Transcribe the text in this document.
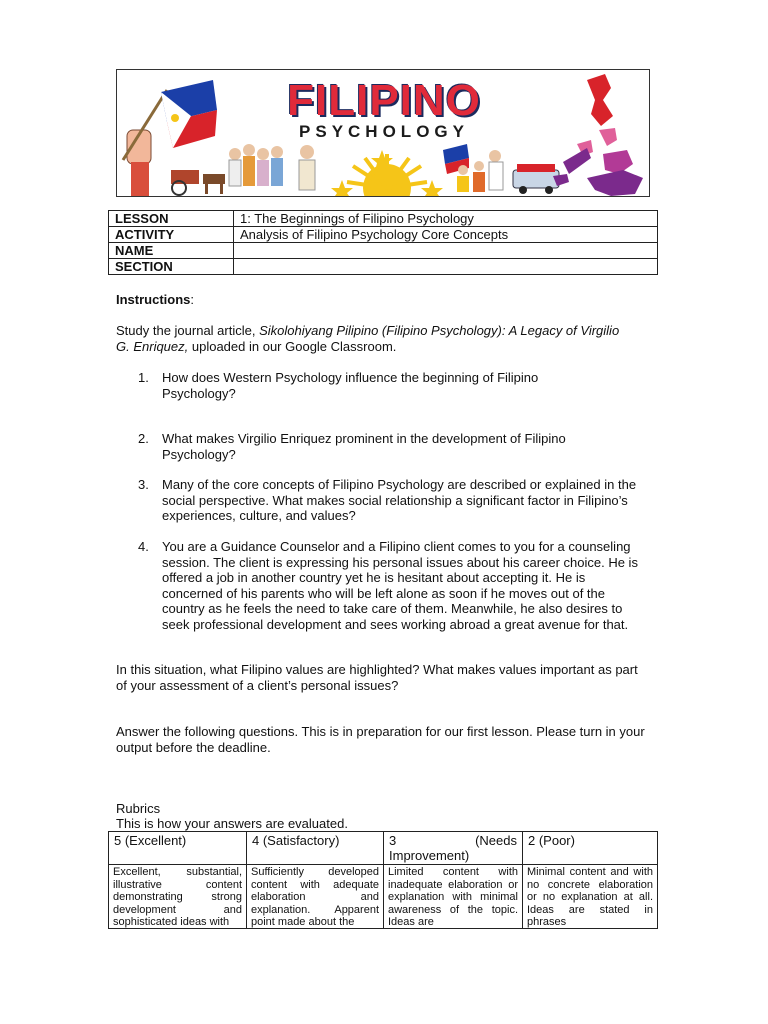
FILIPINO
PSYCHOLOGY
LESSON	1: The Beginnings of Filipino Psychology
ACTIVITY	Analysis of Filipino Psychology Core Concepts
NAME	
SECTION	
Instructions:
Study the journal article, Sikolohiyang Pilipino (Filipino Psychology): A Legacy of Virgilio G. Enriquez, uploaded in our Google Classroom.
1.	How does Western Psychology influence the beginning of Filipino Psychology?
2.	What makes Virgilio Enriquez prominent in the development of Filipino Psychology?
3.	Many of the core concepts of Filipino Psychology are described or explained in the social perspective. What makes social relationship a significant factor in Filipino’s experiences, culture, and values?
4.	You are a Guidance Counselor and a Filipino client comes to you for a counseling session. The client is expressing his personal issues about his career choice. He is offered a job in another country yet he is hesitant about accepting it. He is concerned of his parents who will be left alone as soon if he moves out of the country as he feels the need to take care of them. Meanwhile, he also desires to seek professional development and sees working abroad a great avenue for that.
In this situation, what Filipino values are highlighted? What makes values important as part of your assessment of a client’s personal issues?
Answer the following questions. This is in preparation for our first lesson. Please turn in your output before the deadline.
Rubrics
This is how your answers are evaluated.
5 (Excellent)	4 (Satisfactory)	3 (Needs Improvement)	2 (Poor)

Excellent, substantial, illustrative content demonstrating strong development and sophisticated ideas with	Sufficiently developed content with adequate elaboration and explanation. Apparent point made about the	Limited content with inadequate elaboration or explanation with minimal awareness of the topic. Ideas are	Minimal content and with no concrete elaboration or no explanation at all. Ideas are stated in phrases
